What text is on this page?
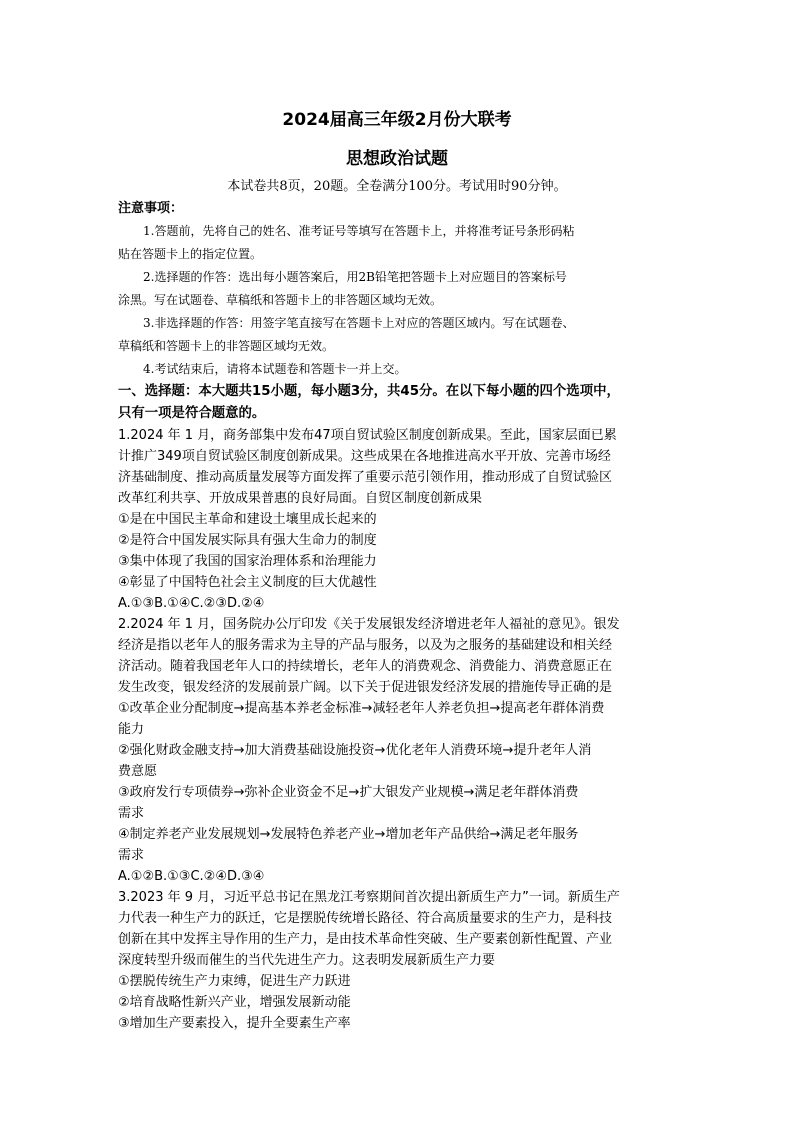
2024届高三年级2月份大联考
思想政治试题
本试卷共8页，20题。全卷满分100分。考试用时90分钟。
注意事项：
1.答题前，先将自己的姓名、准考证号等填写在答题卡上，并将准考证号条形码粘
贴在答题卡上的指定位置。
2.选择题的作答：选出每小题答案后，用2B铅笔把答题卡上对应题目的答案标号
涂黑。写在试题卷、草稿纸和答题卡上的非答题区域均无效。
3.非选择题的作答：用签字笔直接写在答题卡上对应的答题区域内。写在试题卷、
草稿纸和答题卡上的非答题区域均无效。
4.考试结束后，请将本试题卷和答题卡一并上交。
一、选择题：本大题共15小题，每小题3分，共45分。在以下每小题的四个选项中，
只有一项是符合题意的。
1.2024 年 1 月，商务部集中发布47项自贸试验区制度创新成果。至此，国家层面已累
计推广349项自贸试验区制度创新成果。这些成果在各地推进高水平开放、完善市场经
济基础制度、推动高质量发展等方面发挥了重要示范引领作用，推动形成了自贸试验区
改革红利共享、开放成果普惠的良好局面。自贸区制度创新成果
①是在中国民主革命和建设土壤里成长起来的
②是符合中国发展实际具有强大生命力的制度
③集中体现了我国的国家治理体系和治理能力
④彰显了中国特色社会主义制度的巨大优越性
A.①③B.①④C.②③D.②④
2.2024 年 1 月，国务院办公厅印发《关于发展银发经济增进老年人福祉的意见》。银发
经济是指以老年人的服务需求为主导的产品与服务，以及为之服务的基础建设和相关经
济活动。随着我国老年人口的持续增长，老年人的消费观念、消费能力、消费意愿正在
发生改变，银发经济的发展前景广阔。以下关于促进银发经济发展的措施传导正确的是
①改革企业分配制度→提高基本养老金标准→减轻老年人养老负担→提高老年群体消费
能力
②强化财政金融支持→加大消费基础设施投资→优化老年人消费环境→提升老年人消
费意愿
③政府发行专项债券→弥补企业资金不足→扩大银发产业规模→满足老年群体消费
需求
④制定养老产业发展规划→发展特色养老产业→增加老年产品供给→满足老年服务
需求
A.①②B.①③C.②④D.③④
3.2023 年 9 月，习近平总书记在黑龙江考察期间首次提出新质生产力”一词。新质生产
力代表一种生产力的跃迁，它是摆脱传统增长路径、符合高质量要求的生产力，是科技
创新在其中发挥主导作用的生产力，是由技术革命性突破、生产要素创新性配置、产业
深度转型升级而催生的当代先进生产力。这表明发展新质生产力要
①摆脱传统生产力束缚，促进生产力跃进
②培育战略性新兴产业，增强发展新动能
③增加生产要素投入，提升全要素生产率
